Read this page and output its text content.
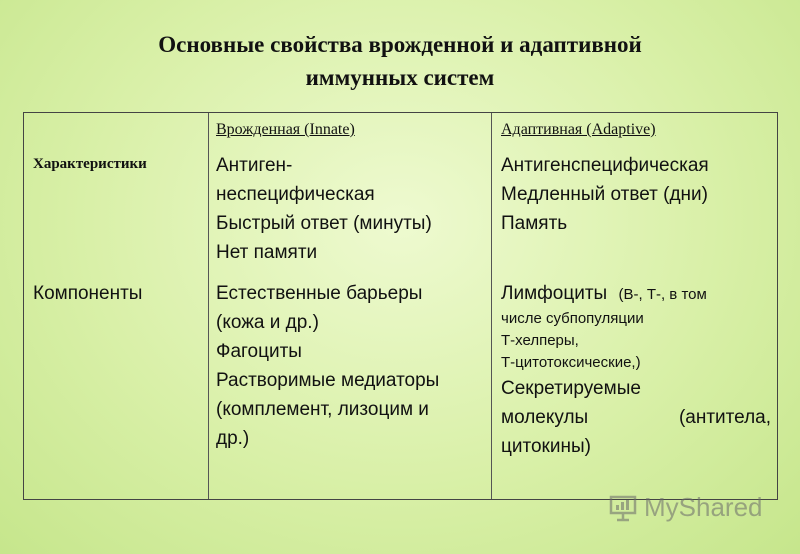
Основные свойства врожденной и адаптивной
иммунных систем
Характеристики
Компоненты
Врожденная (Innate)
Антиген-
неспецифическая
Быстрый ответ (минуты)
Нет памяти
Естественные барьеры
(кожа и др.)
Фагоциты
Растворимые медиаторы
(комплемент, лизоцим и
др.)
Адаптивная (Adaptive)
Антигенспецифическая
Медленный ответ (дни)
Память
Лимфоциты (В-, Т-, в том
числе субпопуляции
Т-хелперы,
Т-цитотоксические,)
Секретируемые
молекулы	(антитела,
цитокины)
MyShared
